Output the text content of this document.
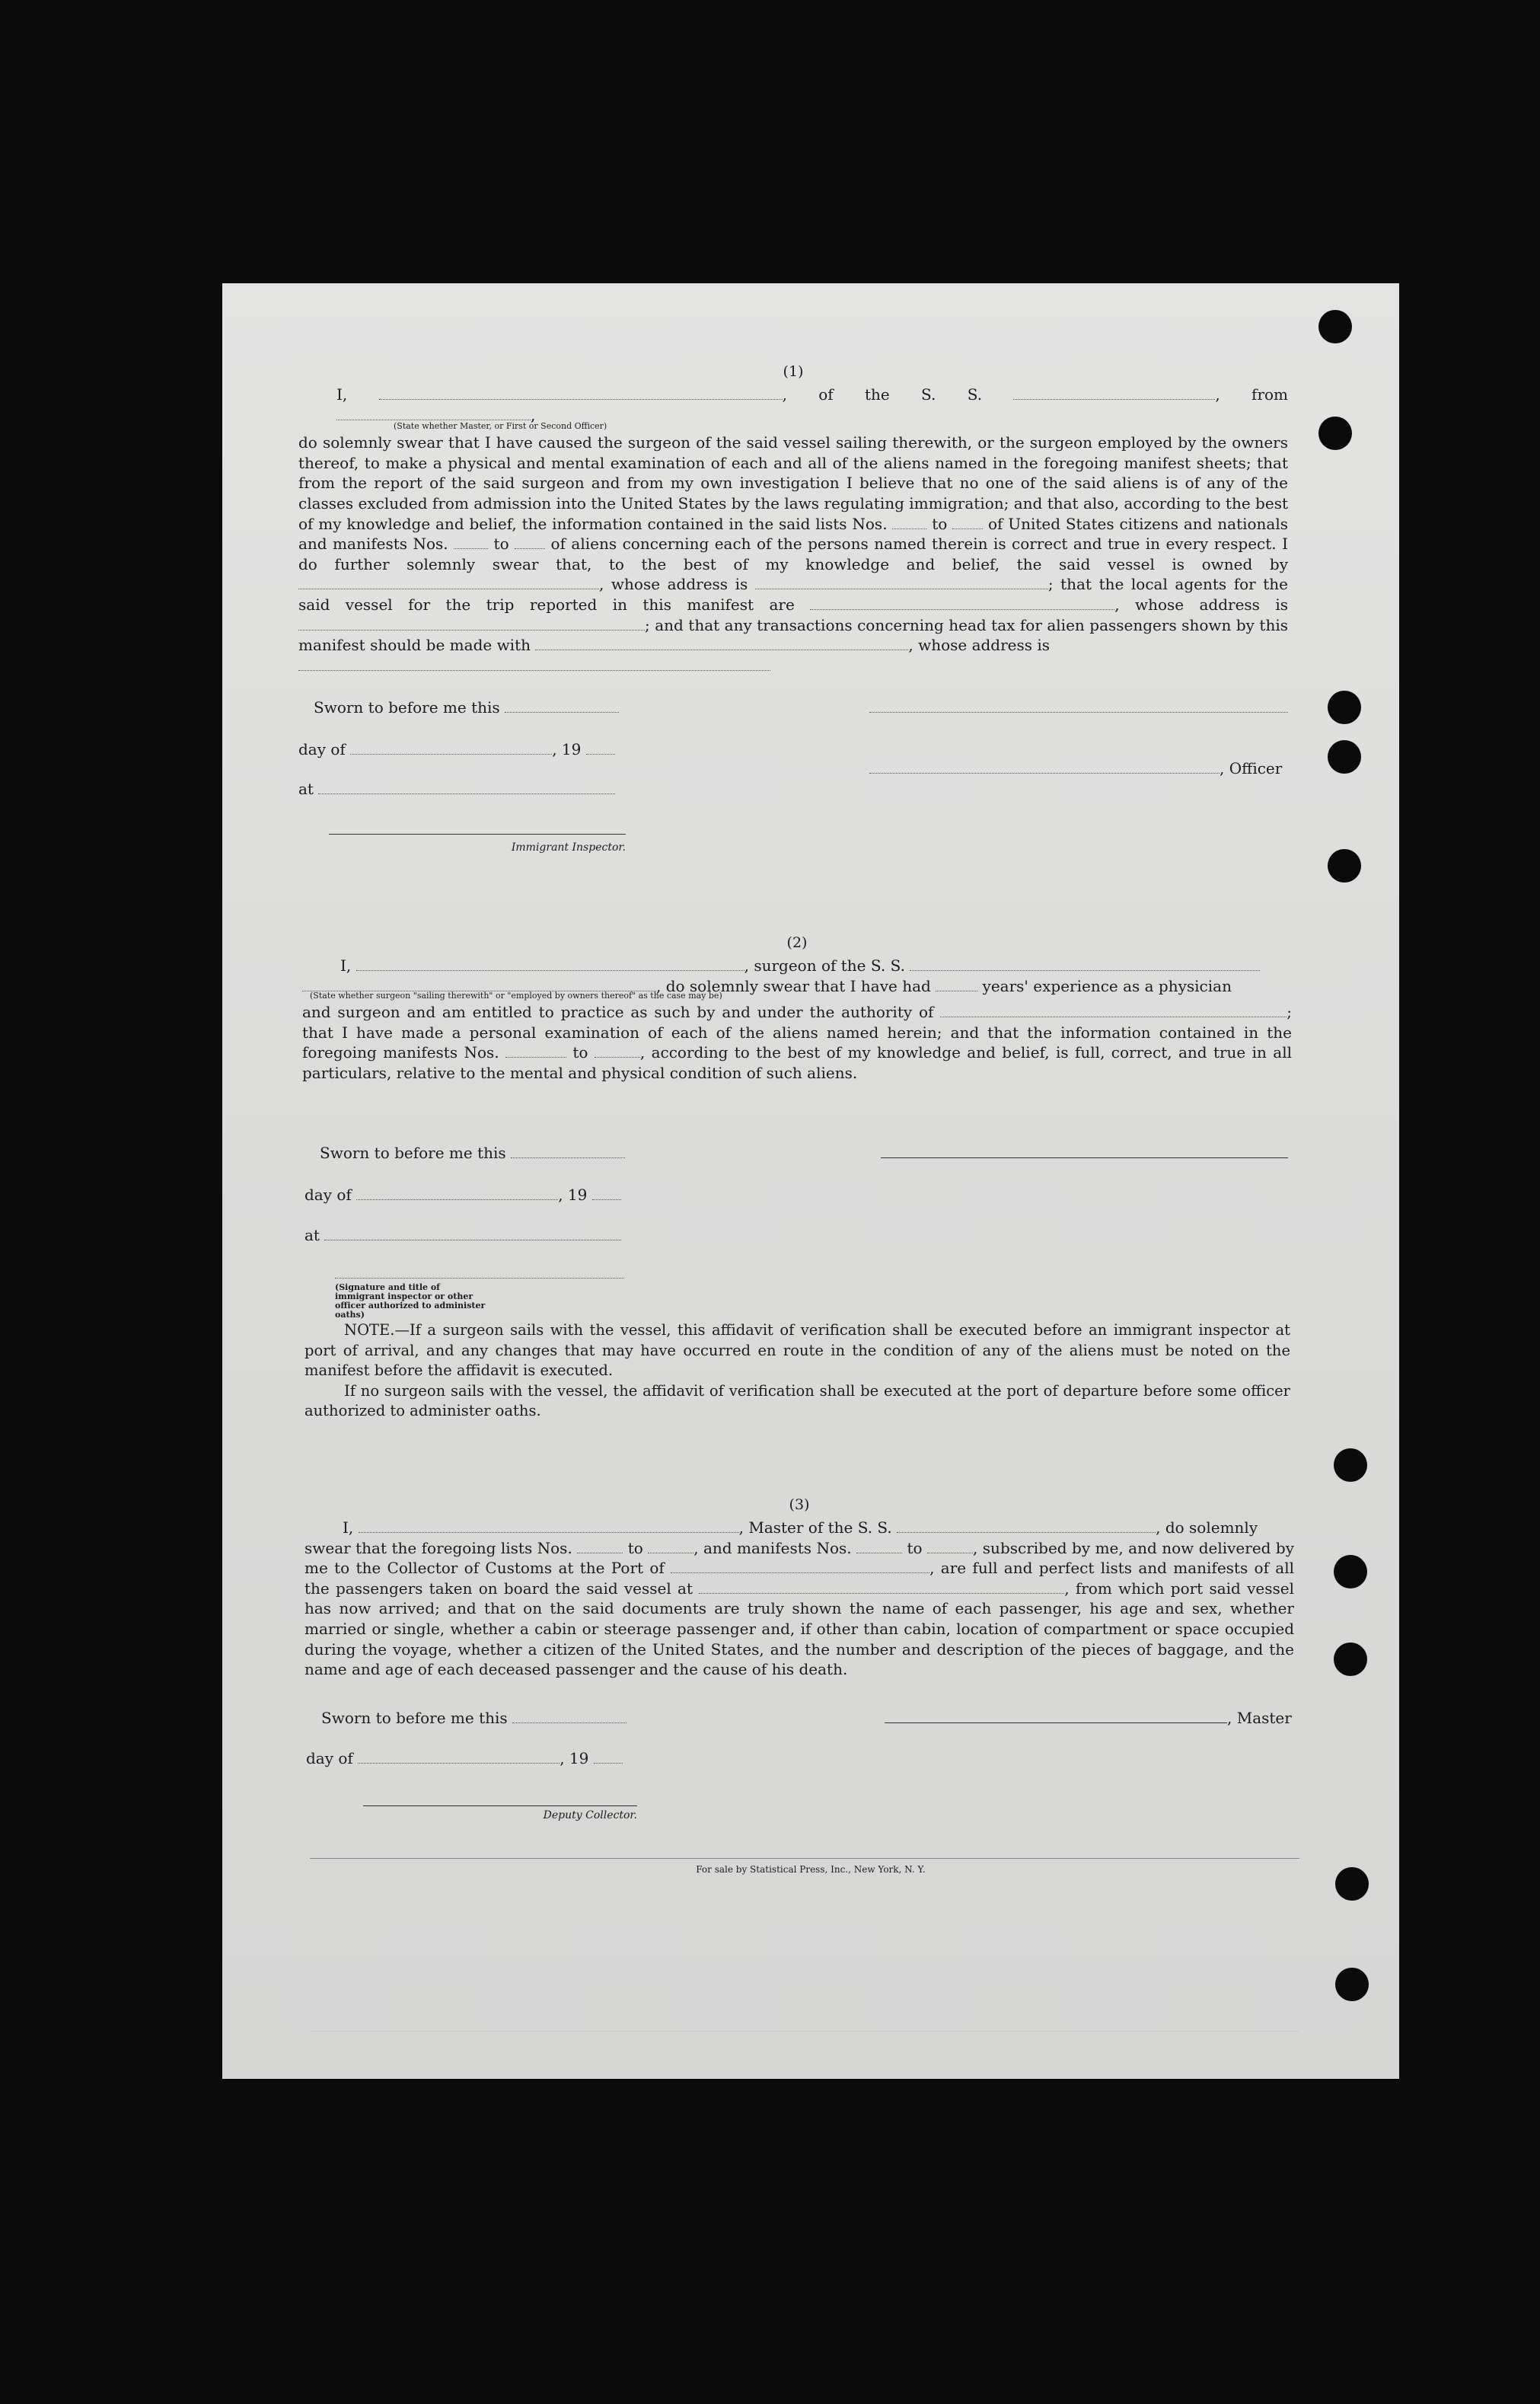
(1)
I,	, of the S. S.	, from ,
(State whether Master, or First or Second Officer)
do solemnly swear that I have caused the surgeon of the said vessel sailing therewith, or the surgeon employed by the owners thereof, to make a physical and mental examination of each and all of the aliens named in the foregoing manifest sheets; that from the report of the said surgeon and from my own investigation I believe that no one of the said aliens is of any of the classes excluded from admission into the United States by the laws regulating immigration; and that also, according to the best of my knowledge and belief, the information contained in the said lists Nos.	to	of United States citizens and nationals and manifests Nos.	to	of aliens concerning each of the persons named therein is correct and true in every respect. I do further solemnly swear that, to the best of my knowledge and belief, the said vessel is owned by , whose address is	; that the local agents for the said vessel for the trip reported in this manifest are	, whose address is ; and that any transactions concerning head tax for alien passengers shown by this manifest should be made with	, whose address is

Sworn to before me this
day of	, 19
at
Immigrant Inspector.
, Officer
(2)
I,	, surgeon of the S. S.
, do solemnly swear that I have had	years' experience as a physician
(State whether surgeon "sailing therewith" or "employed by owners thereof" as the case may be)
and surgeon and am entitled to practice as such by and under the authority of	; that I have made a personal examination of each of the aliens named herein; and that the information contained in the foregoing manifests Nos.	to	, according to the best of my knowledge and belief, is full, correct, and true in all particulars, relative to the mental and physical condition of such aliens.
Sworn to before me this
day of	, 19
at
(Signature and title of immigrant inspector or other officer authorized to administer oaths)
NOTE.—If a surgeon sails with the vessel, this affidavit of verification shall be executed before an immigrant inspector at port of arrival, and any changes that may have occurred en route in the condition of any of the aliens must be noted on the manifest before the affidavit is executed.
If no surgeon sails with the vessel, the affidavit of verification shall be executed at the port of departure before some officer authorized to administer oaths.
(3)
I,	, Master of the S. S.	, do solemnly
swear that the foregoing lists Nos.	to	, and manifests Nos.	to	, subscribed by me, and now delivered by me to the Collector of Customs at the Port of	, are full and perfect lists and manifests of all the passengers taken on board the said vessel at	, from which port said vessel has now arrived; and that on the said documents are truly shown the name of each passenger, his age and sex, whether married or single, whether a cabin or steerage passenger and, if other than cabin, location of compartment or space occupied during the voyage, whether a citizen of the United States, and the number and description of the pieces of baggage, and the name and age of each deceased passenger and the cause of his death.
Sworn to before me this	, Master
day of	, 19
Deputy Collector.
For sale by Statistical Press, Inc., New York, N. Y.
